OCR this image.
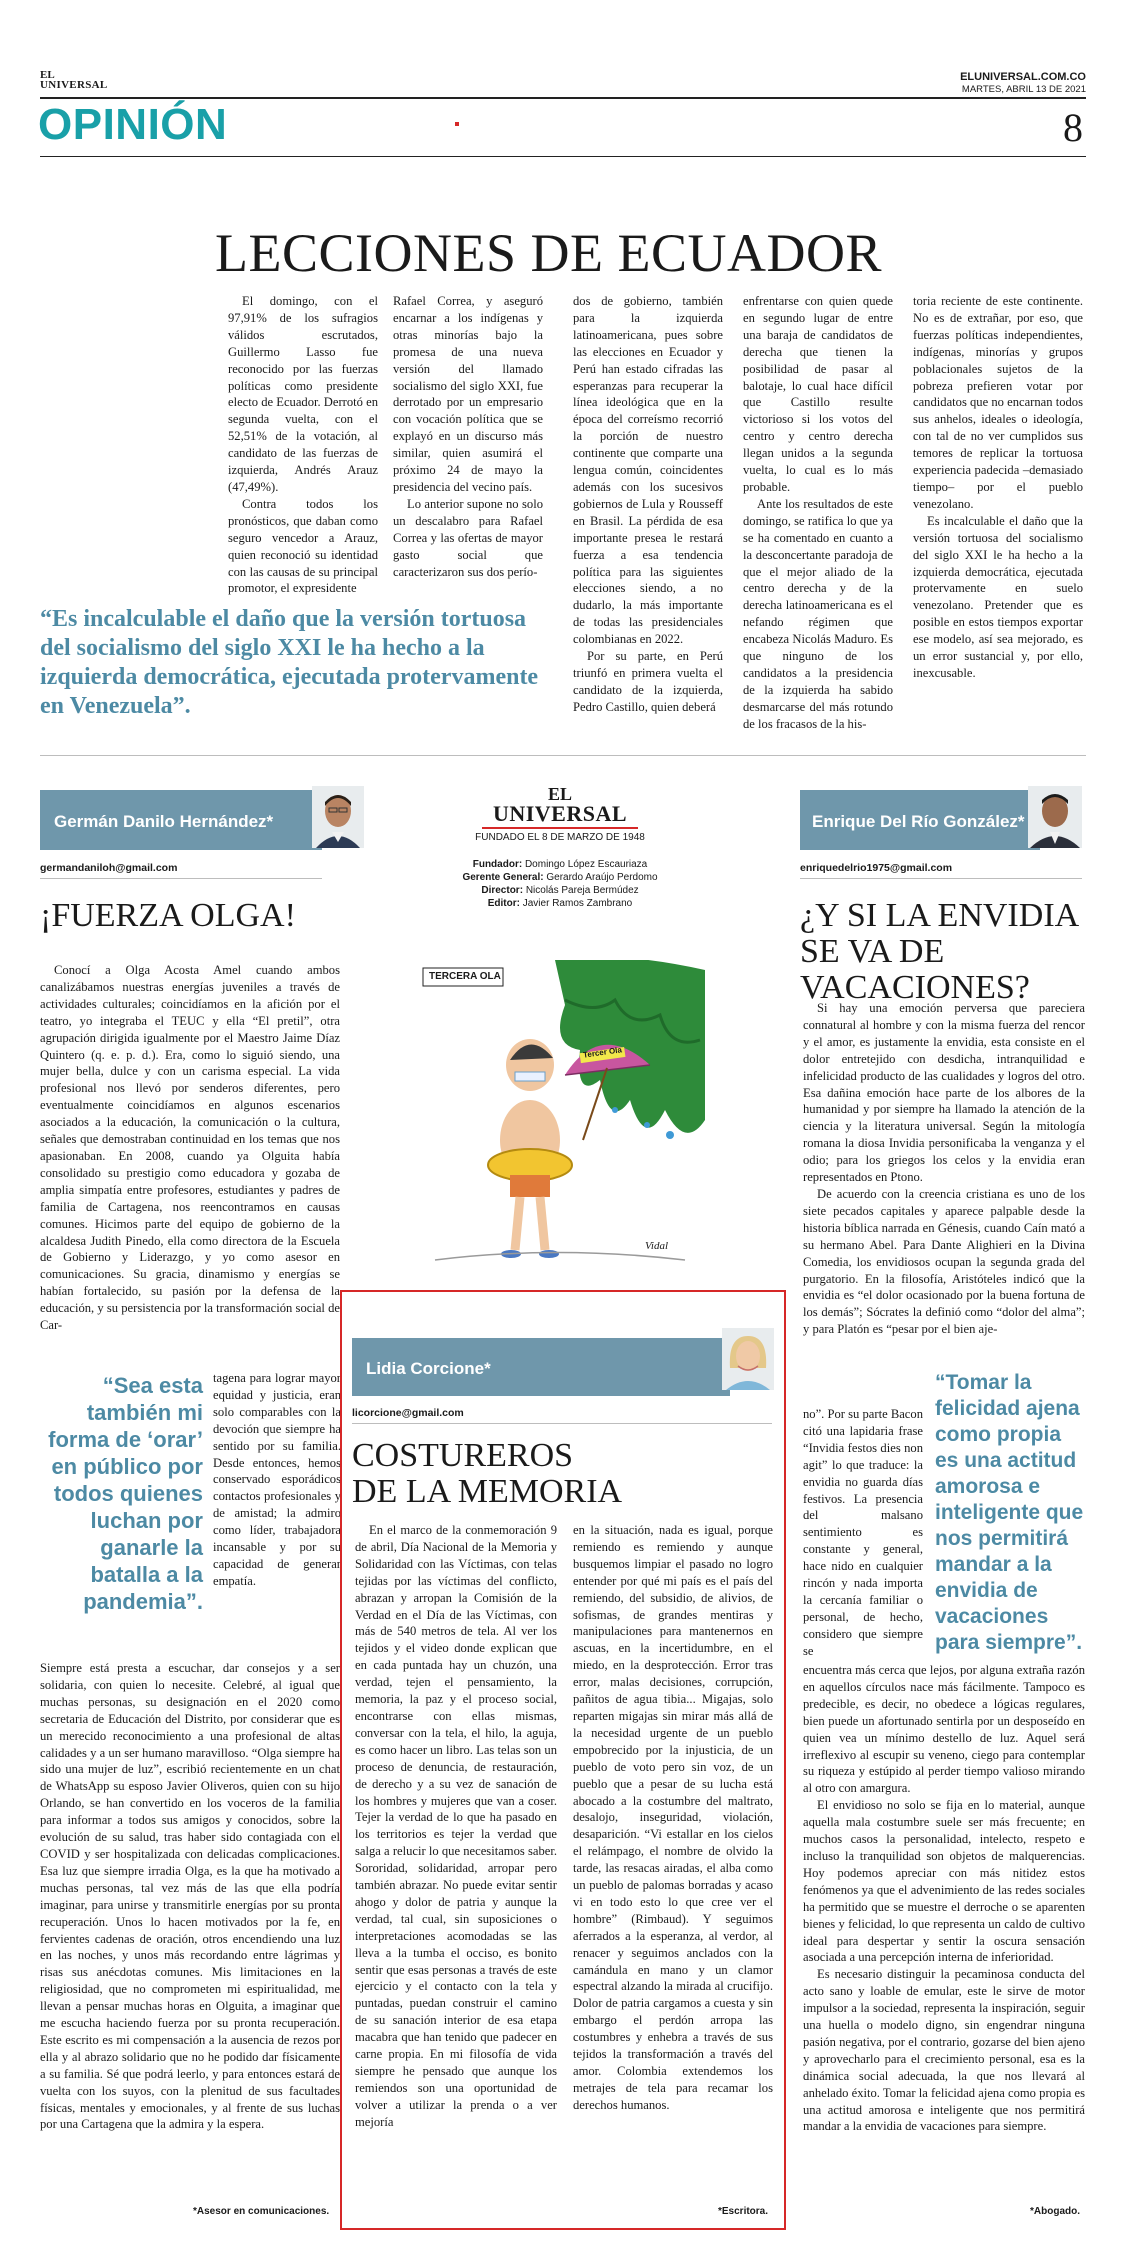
EL
UNIVERSAL
ELUNIVERSAL.COM.CO
MARTES, ABRIL 13 DE 2021
OPINIÓN	8
LECCIONES DE ECUADOR

El domingo, con el 97,91% de los sufragios válidos escrutados, Guillermo Lasso fue reconocido por las fuerzas políticas como presidente electo de Ecuador. Derrotó en segunda vuelta, con el 52,51% de la votación, al candidato de las fuerzas de izquierda, Andrés Arauz (47,49%).

Contra todos los pronósticos, que daban como seguro vencedor a Arauz, quien reconoció su identidad con las causas de su principal promotor, el expresidente

Rafael Correa, y aseguró encarnar a los indígenas y otras minorías bajo la promesa de una nueva versión del llamado socialismo del siglo XXI, fue derrotado por un empresario con vocación política que se explayó en un discurso más similar, quien asumirá el próximo 24 de mayo la presidencia del vecino país.

Lo anterior supone no solo un descalabro para Rafael Correa y las ofertas de mayor gasto social que caracterizaron sus dos perío-

dos de gobierno, también para la izquierda latinoamericana, pues sobre las elecciones en Ecuador y Perú han estado cifradas las esperanzas para recuperar la línea ideológica que en la época del correísmo recorrió la porción de nuestro continente que comparte una lengua común, coincidentes además con los sucesivos gobiernos de Lula y Rousseff en Brasil. La pérdida de esa importante presea le restará fuerza a esa tendencia política para las siguientes elecciones siendo, a no dudarlo, la más importante de todas las presidenciales colombianas en 2022.

Por su parte, en Perú triunfó en primera vuelta el candidato de la izquierda, Pedro Castillo, quien deberá

enfrentarse con quien quede en segundo lugar de entre una baraja de candidatos de derecha que tienen la posibilidad de pasar al balotaje, lo cual hace difícil que Castillo resulte victorioso si los votos del centro y centro derecha llegan unidos a la segunda vuelta, lo cual es lo más probable.

Ante los resultados de este domingo, se ratifica lo que ya se ha comentado en cuanto a la desconcertante paradoja de que el mejor aliado de la centro derecha y de la derecha latinoamericana es el nefando régimen que encabeza Nicolás Maduro. Es que ninguno de los candidatos a la presidencia de la izquierda ha sabido desmarcarse del más rotundo de los fracasos de la his-

toria reciente de este continente. No es de extrañar, por eso, que fuerzas políticas independientes, indígenas, minorías y grupos poblacionales sujetos de la pobreza prefieren votar por candidatos que no encarnan todos sus anhelos, ideales o ideología, con tal de no ver cumplidos sus temores de replicar la tortuosa experiencia padecida –demasiado tiempo– por el pueblo venezolano.

Es incalculable el daño que la versión tortuosa del socialismo del siglo XXI le ha hecho a la izquierda democrática, ejecutada protervamente en suelo venezolano. Pretender que es posible en estos tiempos exportar ese modelo, así sea mejorado, es un error sustancial y, por ello, inexcusable.

“Es incalculable el daño que la versión tortuosa del socialismo del siglo XXI le ha hecho a la izquierda democrática, ejecutada protervamente en Venezuela”.
Germán Danilo Hernández*
germandaniloh@gmail.com
¡FUERZA OLGA!

Conocí a Olga Acosta Amel cuando ambos canalizábamos nuestras energías juveniles a través de actividades culturales; coincidíamos en la afición por el teatro, yo integraba el TEUC y ella “El pretil”, otra agrupación dirigida igualmente por el Maestro Jaime Díaz Quintero (q. e. p. d.). Era, como lo siguió siendo, una mujer bella, dulce y con un carisma especial. La vida profesional nos llevó por senderos diferentes, pero eventualmente coincidíamos en algunos escenarios asociados a la educación, la comunicación o la cultura, señales que demostraban continuidad en los temas que nos apasionaban. En 2008, cuando ya Olguita había consolidado su prestigio como educadora y gozaba de amplia simpatía entre profesores, estudiantes y padres de familia de Cartagena, nos reencontramos en causas comunes. Hicimos parte del equipo de gobierno de la alcaldesa Judith Pinedo, ella como directora de la Escuela de Gobierno y Liderazgo, y yo como asesor en comunicaciones. Su gracia, dinamismo y energías se habían fortalecido, su pasión por la defensa de la educación, y su persistencia por la transformación social de Car-

“Sea esta también mi forma de ‘orar’ en público por todos quienes luchan por ganarle la batalla a la pandemia”.

tagena para lograr mayor equidad y justicia, eran solo comparables con la devoción que siempre ha sentido por su familia. Desde entonces, hemos conservado esporádicos contactos profesionales y de amistad; la admiro como líder, trabajadora incansable y por su capacidad de generar empatía.

Siempre está presta a escuchar, dar consejos y a ser solidaria, con quien lo necesite. Celebré, al igual que muchas personas, su designación en el 2020 como secretaria de Educación del Distrito, por considerar que es un merecido reconocimiento a una profesional de altas calidades y a un ser humano maravilloso. “Olga siempre ha sido una mujer de luz”, escribió recientemente en un chat de WhatsApp su esposo Javier Oliveros, quien con su hijo Orlando, se han convertido en los voceros de la familia para informar a todos sus amigos y conocidos, sobre la evolución de su salud, tras haber sido contagiada con el COVID y ser hospitalizada con delicadas complicaciones. Esa luz que siempre irradia Olga, es la que ha motivado a muchas personas, tal vez más de las que ella podría imaginar, para unirse y transmitirle energías por su pronta recuperación. Unos lo hacen motivados por la fe, en fervientes cadenas de oración, otros encendiendo una luz en las noches, y unos más recordando entre lágrimas y risas sus anécdotas comunes. Mis limitaciones en la religiosidad, que no comprometen mi espiritualidad, me llevan a pensar muchas horas en Olguita, a imaginar que me escucha haciendo fuerza por su pronta recuperación. Este escrito es mi compensación a la ausencia de rezos por ella y al abrazo solidario que no he podido dar físicamente a su familia. Sé que podrá leerlo, y para entonces estará de vuelta con los suyos, con la plenitud de sus facultades físicas, mentales y emocionales, y al frente de sus luchas por una Cartagena que la admira y la espera.

*Asesor en comunicaciones.
EL
UNIVERSAL
FUNDADO EL 8 DE MARZO DE 1948
Fundador: Domingo López Escauriaza
Gerente General: Gerardo Araújo Perdomo
Director: Nicolás Pareja Bermúdez
Editor: Javier Ramos Zambrano
TERCERA OLA
Tercer Ola
Vidal
Lidia Corcione*
licorcione@gmail.com
COSTUREROS
DE LA MEMORIA

En el marco de la conmemoración 9 de abril, Día Nacional de la Memoria y Solidaridad con las Víctimas, con telas tejidas por las víctimas del conflicto, abrazan y arropan la Comisión de la Verdad en el Día de las Víctimas, con más de 540 metros de tela. Al ver los tejidos y el video donde explican que en cada puntada hay un chuzón, una verdad, tejen el pensamiento, la memoria, la paz y el proceso social, encontrarse con ellas mismas, conversar con la tela, el hilo, la aguja, es como hacer un libro. Las telas son un proceso de denuncia, de restauración, de derecho y a su vez de sanación de los hombres y mujeres que van a coser. Tejer la verdad de lo que ha pasado en los territorios es tejer la verdad que salga a relucir lo que necesitamos saber. Sororidad, solidaridad, arropar pero también abrazar. No puede evitar sentir ahogo y dolor de patria y aunque la verdad, tal cual, sin suposiciones o interpretaciones acomodadas se las lleva a la tumba el occiso, es bonito sentir que esas personas a través de este ejercicio y el contacto con la tela y puntadas, puedan construir el camino de su sanación interior de esa etapa macabra que han tenido que padecer en carne propia. En mi filosofía de vida siempre he pensado que aunque los remiendos son una oportunidad de volver a utilizar la prenda o a ver mejoría

en la situación, nada es igual, porque remiendo es remiendo y aunque busquemos limpiar el pasado no logro entender por qué mi país es el país del remiendo, del subsidio, de alivios, de sofismas, de grandes mentiras y manipulaciones para mantenernos en ascuas, en la incertidumbre, en el miedo, en la desprotección. Error tras error, malas decisiones, corrupción, pañitos de agua tibia... Migajas, solo reparten migajas sin mirar más allá de la necesidad urgente de un pueblo empobrecido por la injusticia, de un pueblo de voto pero sin voz, de un pueblo que a pesar de su lucha está abocado a la costumbre del maltrato, desalojo, inseguridad, violación, desaparición. “Vi estallar en los cielos el relámpago, el nombre de olvido la tarde, las resacas airadas, el alba como un pueblo de palomas borradas y acaso vi en todo esto lo que cree ver el hombre” (Rimbaud). Y seguimos aferrados a la esperanza, al verdor, al renacer y seguimos anclados con la camándula en mano y un clamor espectral alzando la mirada al crucifijo. Dolor de patria cargamos a cuesta y sin embargo el perdón arropa las costumbres y enhebra a través de sus tejidos la transformación a través del amor. Colombia extendemos los metrajes de tela para recamar los derechos humanos.

*Escritora.
Enrique Del Río González*
enriquedelrio1975@gmail.com
¿Y SI LA ENVIDIA SE VA DE VACACIONES?

Si hay una emoción perversa que pareciera connatural al hombre y con la misma fuerza del rencor y el amor, es justamente la envidia, esta consiste en el dolor entretejido con desdicha, intranquilidad e infelicidad producto de las cualidades y logros del otro. Esa dañina emoción hace parte de los albores de la humanidad y por siempre ha llamado la atención de la ciencia y la literatura universal. Según la mitología romana la diosa Invidia personificaba la venganza y el odio; para los griegos los celos y la envidia eran representados en Ptono.

De acuerdo con la creencia cristiana es uno de los siete pecados capitales y aparece palpable desde la historia bíblica narrada en Génesis, cuando Caín mató a su hermano Abel. Para Dante Alighieri en la Divina Comedia, los envidiosos ocupan la segunda grada del purgatorio. En la filosofía, Aristóteles indicó que la envidia es “el dolor ocasionado por la buena fortuna de los demás”; Sócrates la definió como “dolor del alma”; y para Platón es “pesar por el bien aje-

no”. Por su parte Bacon citó una lapidaria frase “Invidia festos dies non agit” lo que traduce: la envidia no guarda días festivos. La presencia del malsano sentimiento es constante y general, hace nido en cualquier rincón y nada importa la cercanía familiar o personal, de hecho, considero que siempre se

“Tomar la felicidad ajena como propia es una actitud amorosa e inteligente que nos permitirá mandar a la envidia de vacaciones para siempre”.

encuentra más cerca que lejos, por alguna extraña razón en aquellos círculos nace más fácilmente. Tampoco es predecible, es decir, no obedece a lógicas regulares, bien puede un afortunado sentirla por un desposeído en quien vea un mínimo destello de luz. Aquel será irreflexivo al escupir su veneno, ciego para contemplar su riqueza y estúpido al perder tiempo valioso mirando al otro con amargura.

El envidioso no solo se fija en lo material, aunque aquella mala costumbre suele ser más frecuente; en muchos casos la personalidad, intelecto, respeto e incluso la tranquilidad son objetos de malquerencias. Hoy podemos apreciar con más nitidez estos fenómenos ya que el advenimiento de las redes sociales ha permitido que se muestre el derroche o se aparenten bienes y felicidad, lo que representa un caldo de cultivo ideal para despertar y sentir la oscura sensación asociada a una percepción interna de inferioridad.

Es necesario distinguir la pecaminosa conducta del acto sano y loable de emular, este le sirve de motor impulsor a la sociedad, representa la inspiración, seguir una huella o modelo digno, sin engendrar ninguna pasión negativa, por el contrario, gozarse del bien ajeno y aprovecharlo para el crecimiento personal, esa es la dinámica social adecuada, la que nos llevará al anhelado éxito. Tomar la felicidad ajena como propia es una actitud amorosa e inteligente que nos permitirá mandar a la envidia de vacaciones para siempre.

*Abogado.
